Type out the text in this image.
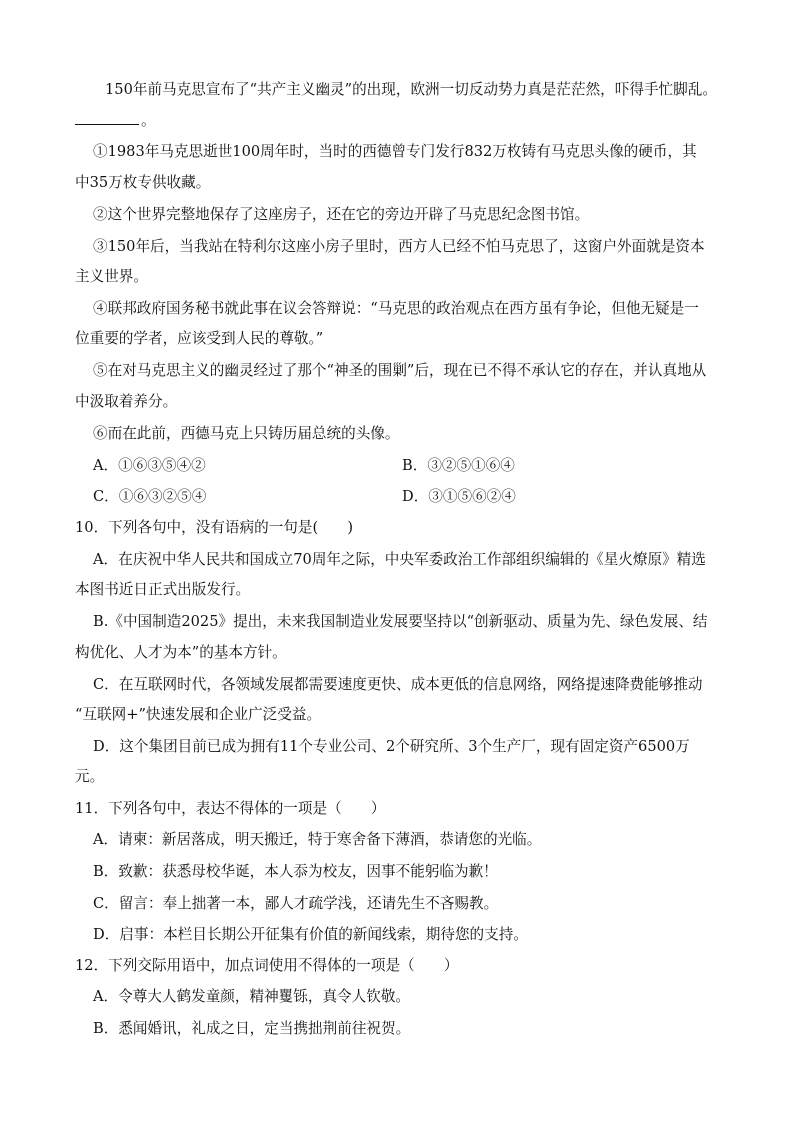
150年前马克思宣布了“共产主义幽灵”的出现，欧洲一切反动势力真是茫茫然，吓得手忙脚乱。
。
①1983年马克思逝世100周年时，当时的西德曾专门发行832万枚铸有马克思头像的硬币，其
中35万枚专供收藏。
②这个世界完整地保存了这座房子，还在它的旁边开辟了马克思纪念图书馆。
③150年后，当我站在特利尔这座小房子里时，西方人已经不怕马克思了，这窗户外面就是资本
主义世界。
④联邦政府国务秘书就此事在议会答辩说：“马克思的政治观点在西方虽有争论，但他无疑是一
位重要的学者，应该受到人民的尊敬。”
⑤在对马克思主义的幽灵经过了那个“神圣的围剿”后，现在已不得不承认它的存在，并认真地从
中汲取着养分。
⑥而在此前，西德马克上只铸历届总统的头像。
A．①⑥③⑤④②	B．③②⑤①⑥④
C．①⑥③②⑤④	D．③①⑤⑥②④
10．下列各句中，没有语病的一句是(　　)
A．在庆祝中华人民共和国成立70周年之际，中央军委政治工作部组织编辑的《星火燎原》精选
本图书近日正式出版发行。
B.《中国制造2025》提出，未来我国制造业发展要坚持以“创新驱动、质量为先、绿色发展、结
构优化、人才为本”的基本方针。
C．在互联网时代，各领域发展都需要速度更快、成本更低的信息网络，网络提速降费能够推动
“互联网+”快速发展和企业广泛受益。
D．这个集团目前已成为拥有11个专业公司、2个研究所、3个生产厂，现有固定资产6500万
元。
11．下列各句中，表达不得体的一项是（　　）
A．请柬：新居落成，明天搬迁，特于寒舍备下薄酒，恭请您的光临。
B．致歉：获悉母校华诞，本人忝为校友，因事不能躬临为歉！
C．留言：奉上拙著一本，鄙人才疏学浅，还请先生不吝赐教。
D．启事：本栏目长期公开征集有价值的新闻线索，期待您的支持。
12．下列交际用语中，加点词使用不得体的一项是（　　）
A．令尊大人鹤发童颜，精神矍铄，真令人钦敬。
B．悉闻婚讯，礼成之日，定当携拙荆前往祝贺。
